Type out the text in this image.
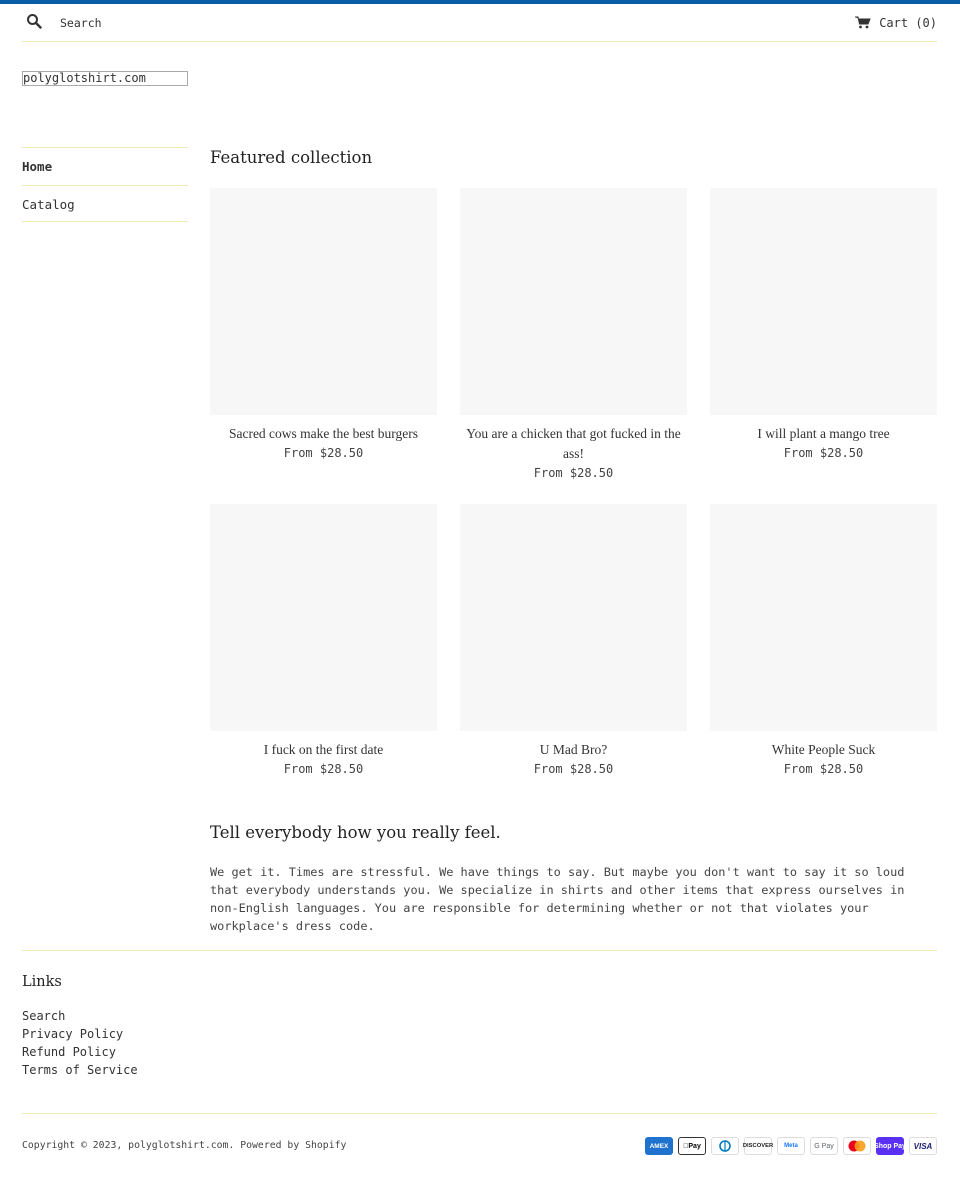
Search
Cart (0)
polyglotshirt.com
Home
Catalog
Featured collection
Sacred cows make the best burgers
From $28.50
You are a chicken that got fucked in the ass!
From $28.50
I will plant a mango tree
From $28.50
I fuck on the first date
From $28.50
U Mad Bro?
From $28.50
White People Suck
From $28.50
Tell everybody how you really feel.

We get it. Times are stressful. We have things to say. But maybe you don't want to say it so loud that everybody understands you. We specialize in shirts and other items that express ourselves in non-English languages. You are responsible for determining whether or not that violates your workplace's dress code.

Links
Search
Privacy Policy
Refund Policy
Terms of Service
Copyright © 2023, polyglotshirt.com. Powered by Shopify	AMEX	Pay	DISCOVER	Meta	G Pay	Shop Pay VISA
